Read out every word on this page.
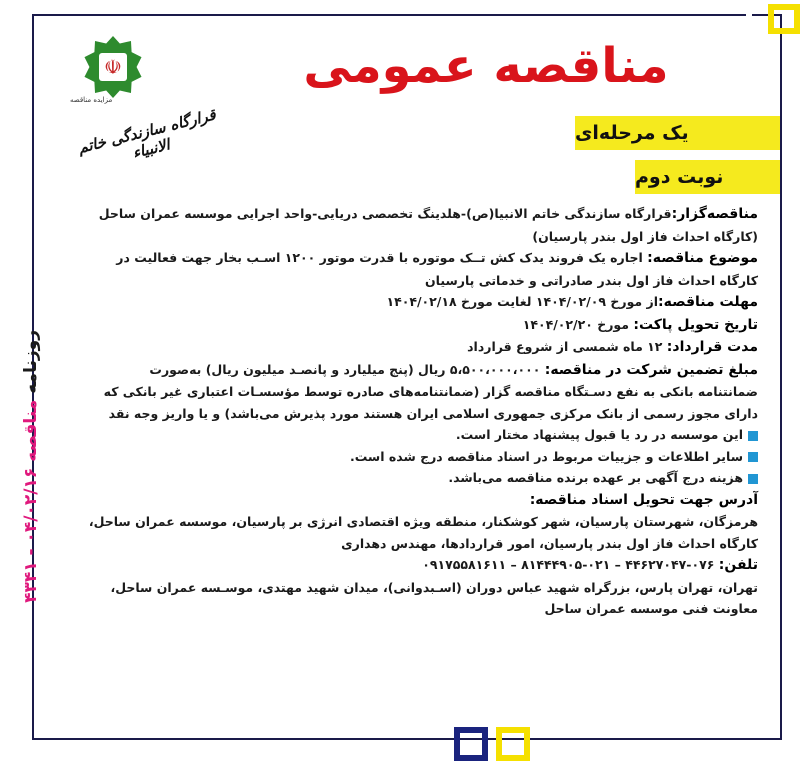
روزنامه
مناقصه
۰۴/۰۲/۱۶ - ۴۳۴۱
☫
مزايده مناقصه
قرارگاه سازندگی خاتم الانبیاء
مناقصه عمومی
یک مرحله‌ای
نوبت دوم

مناقصه‌گزار:قرارگاه سازندگی خاتم الانبیا(ص)-هلدینگ تخصصی دریایی-واحد اجرایی موسسه عمران ساحل

(کارگاه احداث فاز اول بندر پارسیان)

موضوع مناقصه: اجاره یک فروند یدک کش تــک موتوره با قدرت موتور ۱۲۰۰ اسـب بخار جهت فعالیت در

کارگاه احداث فاز اول بندر صادراتی و خدماتی پارسیان

مهلت مناقصه:از مورخ ۱۴۰۴/۰۲/۰۹ لغایت مورخ ۱۴۰۴/۰۲/۱۸

تاریخ تحویل پاکت: مورخ ۱۴۰۴/۰۲/۲۰

مدت قرارداد: ۱۲ ماه شمسی از شروع قرارداد

مبلغ تضمین شرکت در مناقصه: ۵،۵۰۰،۰۰۰،۰۰۰ ریال (پنج میلیارد و پانصـد میلیون ریال) به‌صورت

ضمانتنامه بانکی به نفع دسـتگاه مناقصه گزار (ضمانتنامه‌های صادره توسط مؤسسـات اعتباری غیر بانکی که

دارای مجوز رسمی از بانک مرکزی جمهوری اسلامی ایران هستند مورد پذیرش می‌باشد) و یا واریز وجه نقد

این موسسه در رد یا قبول پیشنهاد مختار است.

سایر اطلاعات و جزییات مربوط در اسناد مناقصه درج شده است.

هزینه درج آگهی بر عهده برنده مناقصه می‌باشد.

آدرس جهت تحویل اسناد مناقصه:

هرمزگان، شهرستان پارسیان، شهر کوشکنار، منطقه ویژه اقتصادی انرژی بر پارسیان، موسسه عمران ساحل،

کارگاه احداث فاز اول بندر پارسیان، امور قراردادها، مهندس دهداری

تلفن: ۰۷۶-۴۴۶۲۷۰۴۷ – ۰۲۱-۸۱۴۴۴۹۰۵ – ۰۹۱۷۵۵۸۱۶۱۱

تهران، تهران پارس، بزرگراه شهید عباس دوران (اسـبدوانی)، میدان شهید مهتدی، موسـسه عمران ساحل،

معاونت فنی موسسه عمران ساحل
